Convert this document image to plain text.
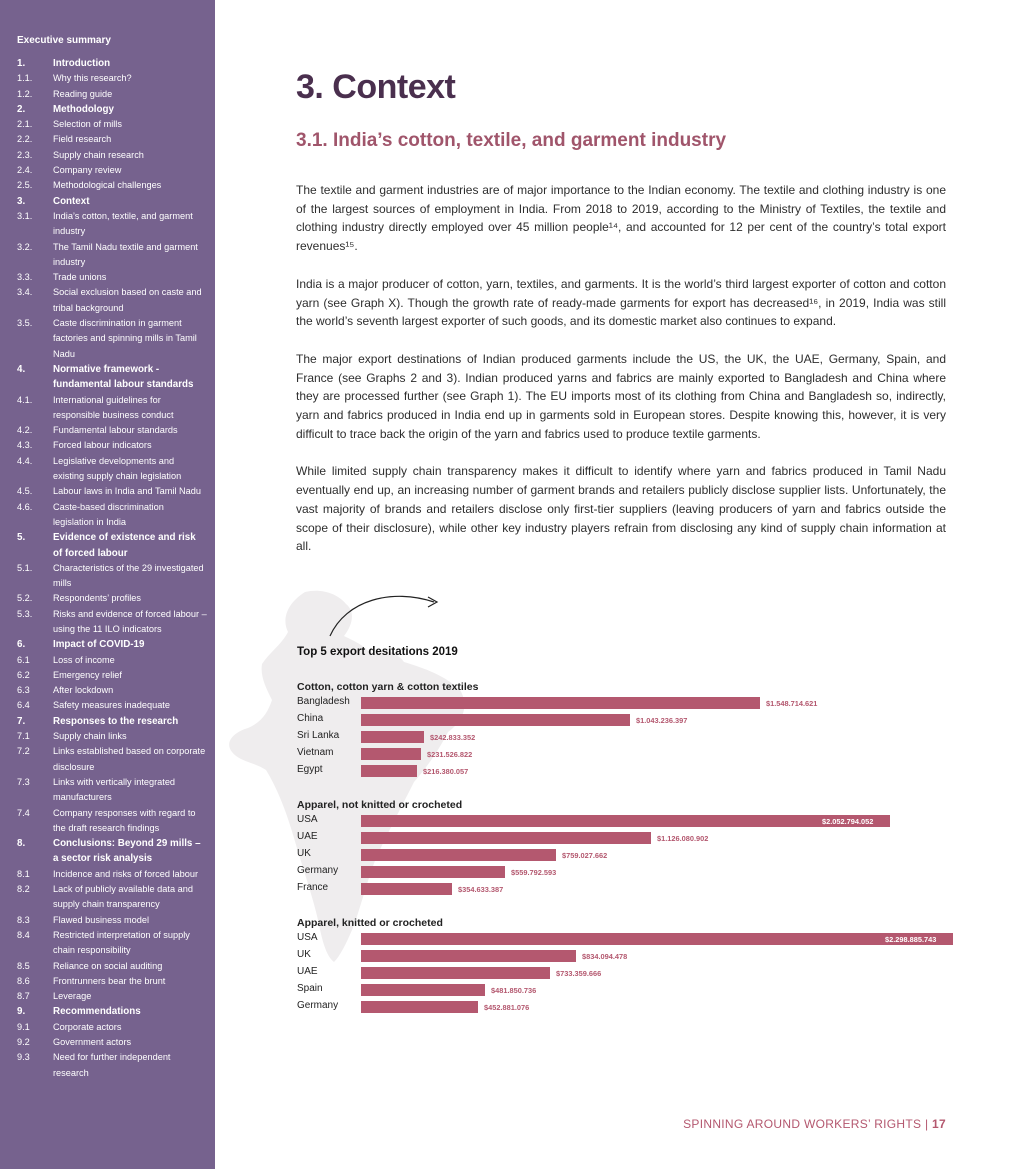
Executive summary
1.	Introduction
1.1.	Why this research?
1.2.	Reading guide
2.	Methodology
2.1.	Selection of mills
2.2.	Field research
2.3.	Supply chain research
2.4.	Company review
2.5.	Methodological challenges
3.	Context
3.1.	India’s cotton, textile, and garment industry
3.2.	The Tamil Nadu textile and garment industry
3.3.	Trade unions
3.4.	Social exclusion based on caste and tribal background
3.5.	Caste discrimination in garment factories and spinning mills in Tamil Nadu
4.	Normative framework - fundamental labour standards
4.1.	International guidelines for responsible business conduct
4.2.	Fundamental labour standards
4.3.	Forced labour indicators
4.4.	Legislative developments and existing supply chain legislation
4.5.	Labour laws in India and Tamil Nadu
4.6.	Caste-based discrimination legislation in India
5.	Evidence of existence and risk of forced labour
5.1.	Characteristics of the 29 investigated mills
5.2.	Respondents’ profiles
5.3.	Risks and evidence of forced labour – using the 11 ILO indicators
6.	Impact of COVID-19
6.1	Loss of income
6.2	Emergency relief
6.3	After lockdown
6.4	Safety measures inadequate
7.	Responses to the research
7.1	Supply chain links
7.2	Links established based on corporate disclosure
7.3	Links with vertically integrated manufacturers
7.4	Company responses with regard to the draft research findings
8.	Conclusions: Beyond 29 mills – a sector risk analysis
8.1	Incidence and risks of forced labour
8.2	Lack of publicly available data and supply chain transparency
8.3	Flawed business model
8.4	Restricted interpretation of supply chain responsibility
8.5	Reliance on social auditing
8.6	Frontrunners bear the brunt
8.7	Leverage
9.	Recommendations
9.1	Corporate actors
9.2	Government actors
9.3	Need for further independent research
3. Context
3.1. India’s cotton, textile, and garment industry

The textile and garment industries are of major importance to the Indian economy. The textile and clothing industry is one of the largest sources of employment in India. From 2018 to 2019, according to the Ministry of Textiles, the textile and clothing industry directly employed over 45 million people¹⁴, and accounted for 12 per cent of the country’s total export revenues¹⁵.

India is a major producer of cotton, yarn, textiles, and garments. It is the world’s third largest exporter of cotton and cotton yarn (see Graph X). Though the growth rate of ready-made garments for export has decreased¹⁶, in 2019, India was still the world’s seventh largest exporter of such goods, and its domestic market also continues to expand.

The major export destinations of Indian produced garments include the US, the UK, the UAE, Germany, Spain, and France (see Graphs 2 and 3). Indian produced yarns and fabrics are mainly exported to Bangladesh and China where they are processed further (see Graph 1). The EU imports most of its clothing from China and Bangladesh so, indirectly, yarn and fabrics produced in India end up in garments sold in European stores. Despite knowing this, however, it is very difficult to trace back the origin of the yarn and fabrics used to produce textile garments.

While limited supply chain transparency makes it difficult to identify where yarn and fabrics produced in Tamil Nadu eventually end up, an increasing number of garment brands and retailers publicly disclose supplier lists. Unfortunately, the vast majority of brands and retailers disclose only first-tier suppliers (leaving producers of yarn and fabrics outside the scope of their disclosure), while other key industry players refrain from disclosing any kind of supply chain information at all.

Top 5 export desitations 2019
Cotton, cotton yarn & cotton textiles
Bangladesh	$1.548.714.621
China	$1.043.236.397
Sri Lanka	$242.833.352
Vietnam	$231.526.822
Egypt	$216.380.057
Apparel, not knitted or crocheted
USA	$2.052.794.052
UAE	$1.126.080.902
UK	$759.027.662
Germany	$559.792.593
France	$354.633.387
Apparel, knitted or crocheted
USA	$2.298.885.743
UK	$834.094.478
UAE	$733.359.666
Spain	$481.850.736
Germany	$452.881.076
SPINNING AROUND WORKERS’ RIGHTS | 17
